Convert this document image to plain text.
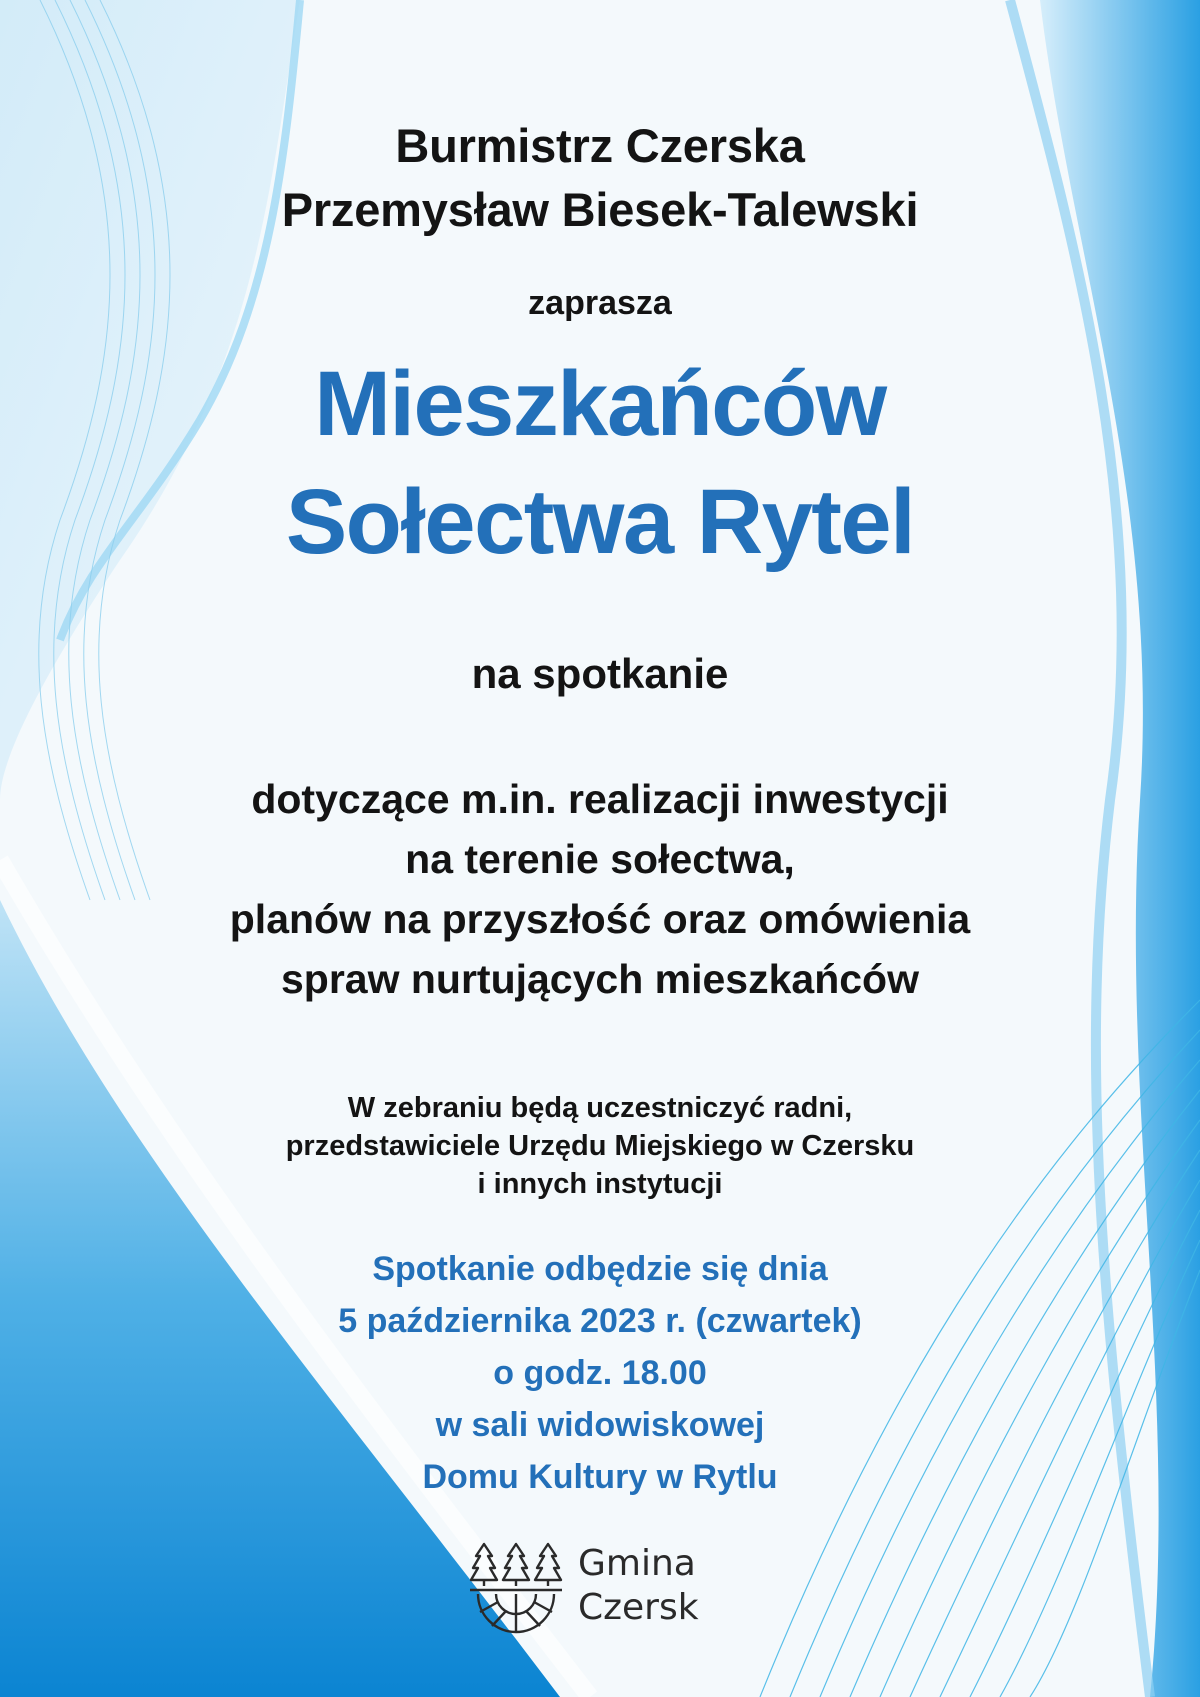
Burmistrz Czerska

Przemysław Biesek-Talewski

zaprasza

Mieszkańców

Sołectwa Rytel

na spotkanie

dotyczące m.in. realizacji inwestycji

na terenie sołectwa,

planów na przyszłość oraz omówienia

spraw nurtujących mieszkańców

W zebraniu będą uczestniczyć radni,

przedstawiciele Urzędu Miejskiego w Czersku

i innych instytucji

Spotkanie odbędzie się dnia

5 października 2023 r. (czwartek)

o godz. 18.00

w sali widowiskowej

Domu Kultury w Rytlu

Gmina
Czersk
